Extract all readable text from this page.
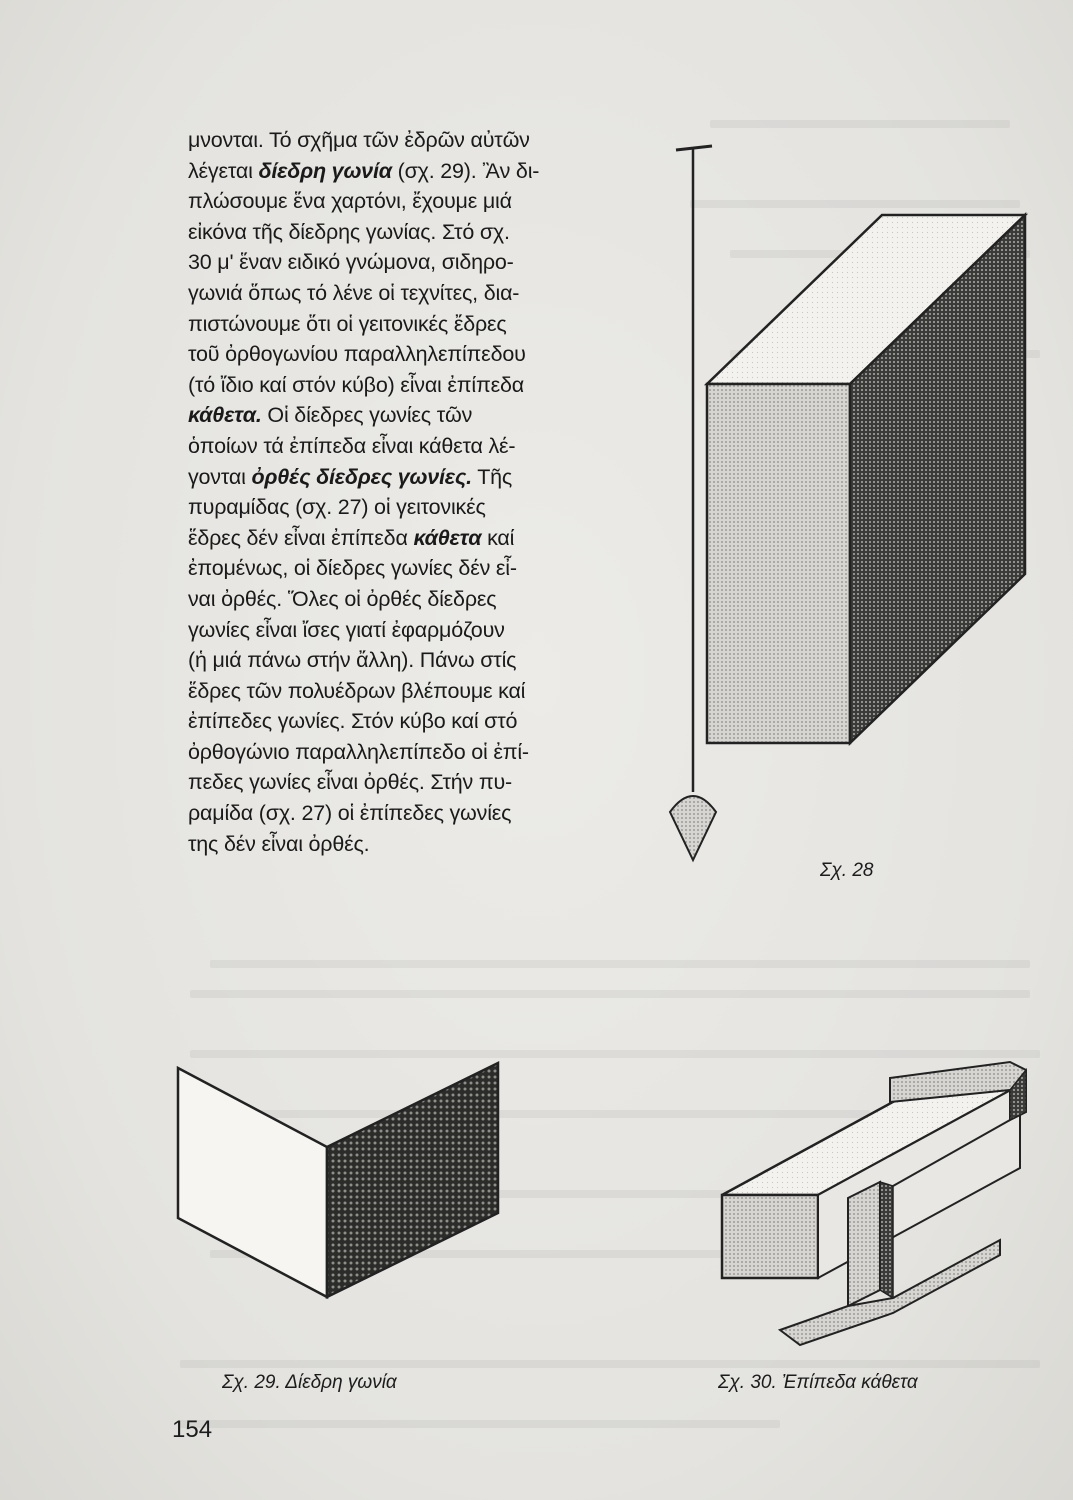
μνονται. Τό σχῆμα τῶν ἐδρῶν αὐτῶν
λέγεται δίεδρη γωνία (σχ. 29). Ἂν δι-
πλώσουμε ἕνα χαρτόνι, ἔχουμε μιά
εἰκόνα τῆς δίεδρης γωνίας. Στό σχ.
30 μ' ἕναν ειδικό γνώμονα, σιδηρο-
γωνιά ὅπως τό λένε οἱ τεχνίτες, δια-
πιστώνουμε ὅτι οἱ γειτονικές ἔδρες
τοῦ ὀρθογωνίου παραλληλεπίπεδου
(τό ἴδιο καί στόν κύβο) εἶναι ἐπίπεδα
κάθετα. Οἱ δίεδρες γωνίες τῶν
ὁποίων τά ἐπίπεδα εἶναι κάθετα λέ-
γονται ὀρθές δίεδρες γωνίες. Τῆς
πυραμίδας (σχ. 27) οἱ γειτονικές
ἕδρες δέν εἶναι ἐπίπεδα κάθετα καί
ἐπομένως, οἱ δίεδρες γωνίες δέν εἶ-
ναι ὀρθές. Ὅλες οἱ ὀρθές δίεδρες
γωνίες εἶναι ἴσες γιατί ἐφαρμόζουν
(ἡ μιά πάνω στήν ἄλλη). Πάνω στίς
ἕδρες τῶν πολυέδρων βλέπουμε καί
ἐπίπεδες γωνίες. Στόν κύβο καί στό
ὀρθογώνιο παραλληλεπίπεδο οἱ ἐπί-
πεδες γωνίες εἶναι ὀρθές. Στήν πυ-
ραμίδα (σχ. 27) οἱ ἐπίπεδες γωνίες
της δέν εἶναι ὀρθές.
Σχ. 28
Σχ. 29. Δίεδρη γωνία	Σχ. 30. Ἐπίπεδα κάθετα
154
